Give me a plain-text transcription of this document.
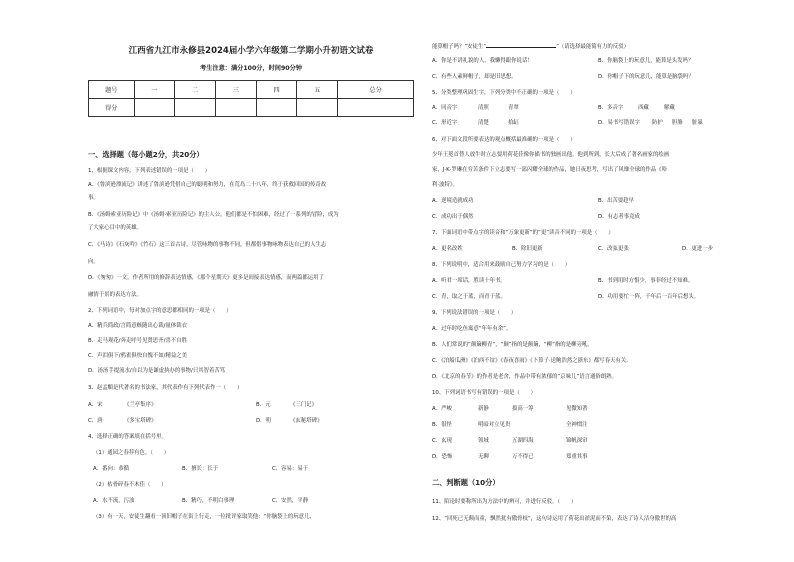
江西省九江市永修县2024届小学六年级第二学期小升初语文试卷
考生注意：满分100分，时间90分钟
题号	一	二	三	四	五	总分
得分						
一、选择题（每小题2分，共20分）
1、根据课文内容，下列表述错误的一项是（　　）
A．《鲁滨逊漂流记》讲述了鲁滨逊凭借自己的聪明和努力，在荒岛二十八年，终于获救回国的传奇故
事。
B．《汤姆索亚历险记》中《汤姆·索亚历险记》的主人公，他们都是不怕困难，经过了一系列的冒险，成为
了大家心目中的英雄。
C．《马诗》《石灰吟》《竹石》这三首古诗，尽管咏物的事物不同，但都借事物咏物表达自己的人生志
向。
D．《匆匆》一文，作者所用的修辞表达情感，《那个星期天》更多是间接表达情感，而两篇都运用了
融情于景的表达方法。
2、下列词语中，每对加点字的意思都相同的一项是（　　）
A．精兵简政/言简意赅随出心裁/量体裁衣
B．走马观花/奔走呼号见贤思齐/喜不自胜
C．声泪俱下/鸦雀俱快自愧不如/精益之美
D．汤汤手提流水/自以为是谦虚执办的事物/只其智着苦笃
3、赵孟頫是代著名的书法家，其代表作有下列代表作一（　　）
A．宋	《兰亭集序》	B．元	《三门记》
C．唐	《多宝塔碑》	D．明	《玄秘塔碑》
4、选择正确的答案填在括号里。
（1）通园之春荐有色。（　　）
A．番向：恭循	B．擅长：长于	C．容易：易于
（2）枯骨碎春不木佳（　　）
A．水不流，污浊	B．精巧，不明白事理	C．安然，平静
（3）有一天，安徒生翻看一顶旧帽子在街上行走，一位批评家取笑他：“你脑袋上的玩意儿，
能算帽子吗？”安徒生“	”（请选择最能简有力的反驳）
A．你是不讲礼貌的人，我懒得跟你说话！	B．你脑袋上的玩意儿，能算是头发吗？
C．有些人素鲜帽子，却是旧思想。	D．你帽子下的玩意儿，能算是脑袋吗？
5、分类整理巩固生字，下列分类中不正确的一项是（　　）
A．同音字	清照	青翠	B．多音字	西藏	解藏
C．形近字	清楚	拾缸	D．易书写错误字 防护 胆胳 脏暴
6、对下面文段所要表达的观点概括最准确的一项是（　　）
少年王冕首替人放牛时立志要用荷花佳像你描书的独画出他，他到所到，长大后成了著名画家的绘画
家，J·K·罗琳在穷苦条件下立志要写一部闪耀全球的作品，她日夜思考，写出了风靡全球的作品《哈
利·波特》。
A．逆境造就成功	B．出苦要趁早
C．成功出于偶然	D．有志者事竟成
7、下面词语中带点字的读音和“万象更新”的“更”读音不同的一项是（　　）
A．更名改姓	B．除旧更新	C．改弦更张	D．更进一步
8、下列说明中，适合用来鼓励自己努力学习的是（　　）
A．听君一席话，胜读十年书。	B．书到用时方恨少，事非经过不知难。
C．青，取之于蓝，而青于蓝。	D．功用要忙一阵，千年后一百年后想头。
9、下列说法错误的一项是（　　）
A．过年时吃鱼寓意“年年有余”。
B．人们常说的“颠簸柳青”，“颠”指的是颠簸，“柳”指的是柳旁吼。
C．《泊船瓜洲》《泊西不谊》《春夜喜雨》《卜算子·送鲍浩然之浙东》都写春天有关。
D．《北京的春节》的作者是老舍，作品中带有浓郁的“京味儿”语言通俗朗熟。
10、下列词语书写有错误的一项是（　　）
A．严峻	新静	拔高一筹	见微知著
B．很怪	明暗对立见贵	全神惯注
C．玄现	领域	五湖四海	锦帆深帘
D．恐怖	无聊	万不得已	郑重其事
二、判断题（10分）
11、陌论时要称所出为方法中的辨可，并进行反驳。（　　）
12、“回死已无颠而童，飘然犹有傲骨枝”，这句诗运用了荷花出淤泥而不染，表达了诗人洁身傲世的高
